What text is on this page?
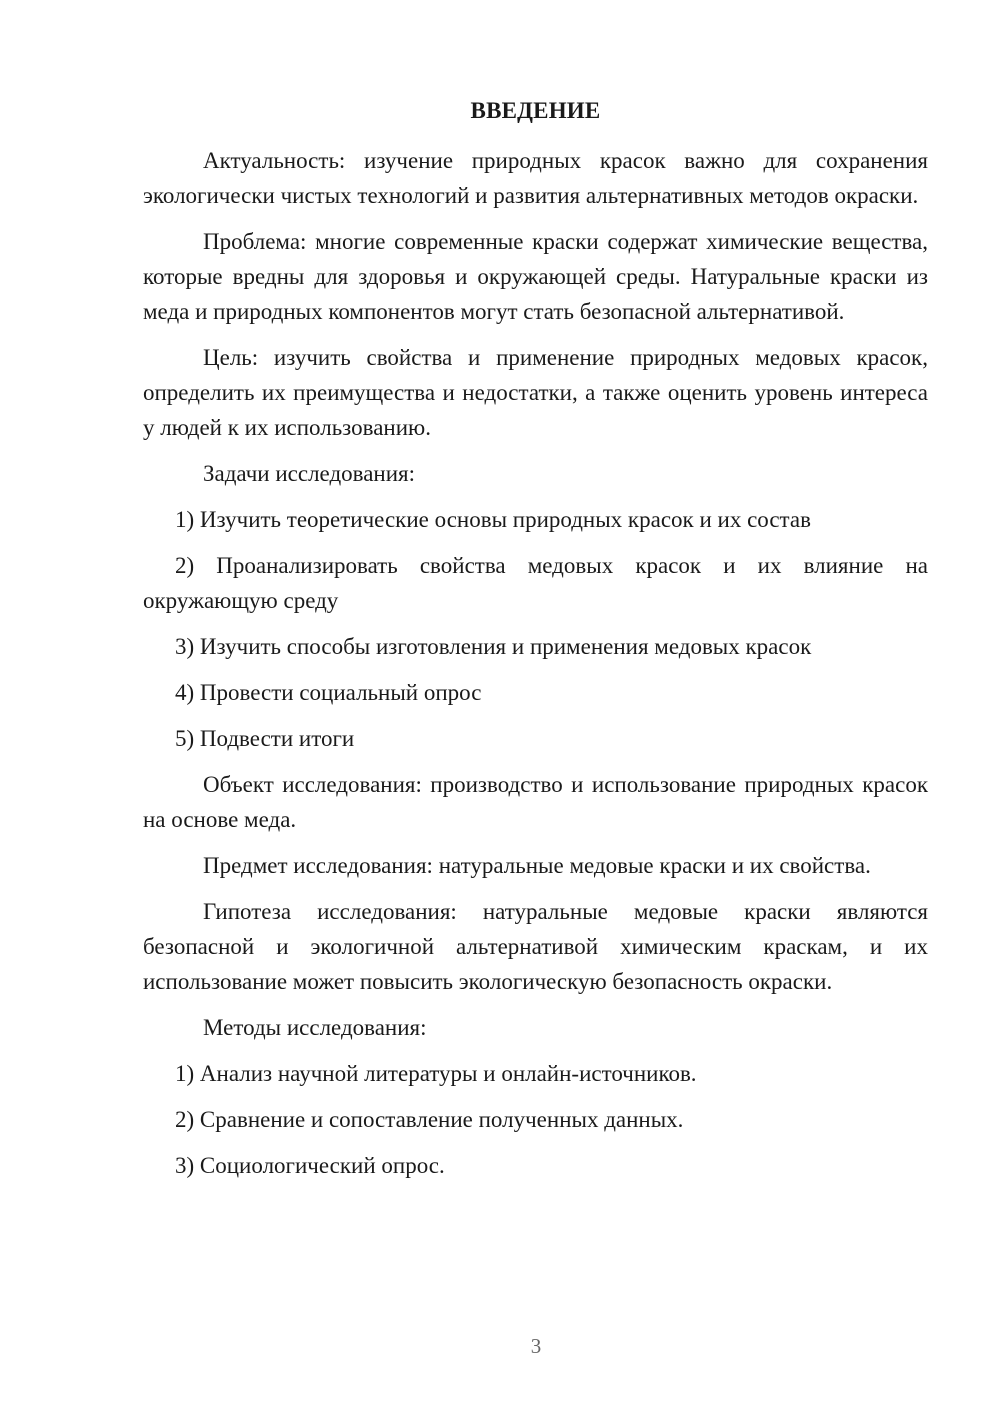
ВВЕДЕНИЕ

Актуальность: изучение природных красок важно для сохранения экологически чистых технологий и развития альтернативных методов окраски.

Проблема: многие современные краски содержат химические вещества, которые вредны для здоровья и окружающей среды. Натуральные краски из меда и природных компонентов могут стать безопасной альтернативой.

Цель: изучить свойства и применение природных медовых красок, определить их преимущества и недостатки, а также оценить уровень интереса у людей к их использованию.

Задачи исследования:

1) Изучить теоретические основы природных красок и их состав

2) Проанализировать свойства медовых красок и их влияние на окружающую среду

3) Изучить способы изготовления и применения медовых красок

4) Провести социальный опрос

5) Подвести итоги

Объект исследования: производство и использование природных красок на основе меда.

Предмет исследования: натуральные медовые краски и их свойства.

Гипотеза исследования: натуральные медовые краски являются безопасной и экологичной альтернативой химическим краскам, и их использование может повысить экологическую безопасность окраски.

Методы исследования:

1) Анализ научной литературы и онлайн-источников.

2) Сравнение и сопоставление полученных данных.

3) Социологический опрос.

3
